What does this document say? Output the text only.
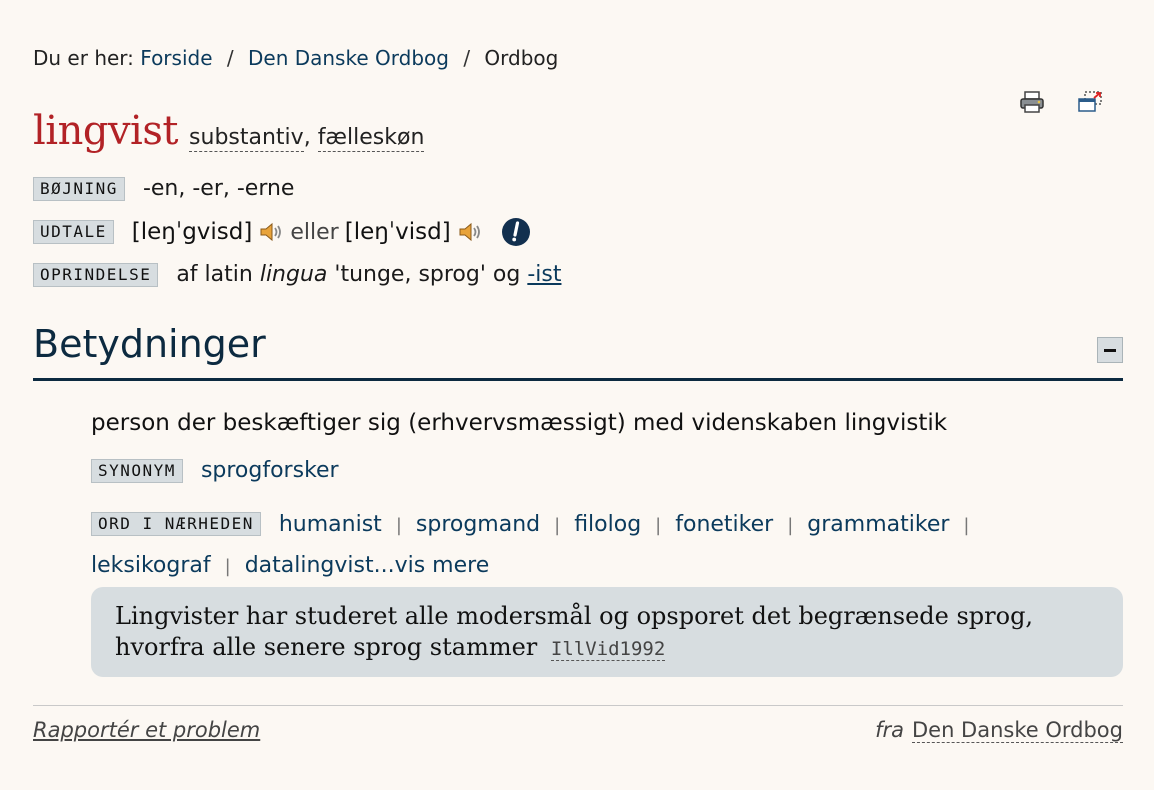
Du er her: Forside / Den Danske Ordbog / Ordbog
lingvist substantiv, fælleskøn
BØJNING	-en, -er, -erne
UDTALE	[leŋˈgvisd] eller [leŋˈvisd]
OPRINDELSE	af latin
lingua
'tunge, sprog' og
-ist
Betydninger
person der beskæftiger sig (erhvervsmæssigt) med videnskaben lingvistik
SYNONYM	sprogforsker
ORD I NÆRHEDEN humanist | sprogmand | filolog | fonetiker | grammatiker |
leksikograf | datalingvist...vis mere
Lingvister har studeret alle modersmål og opsporet det begrænsede sprog, hvorfra alle senere sprog stammer IllVid1992
Rapportér et problem	fra Den Danske Ordbog
